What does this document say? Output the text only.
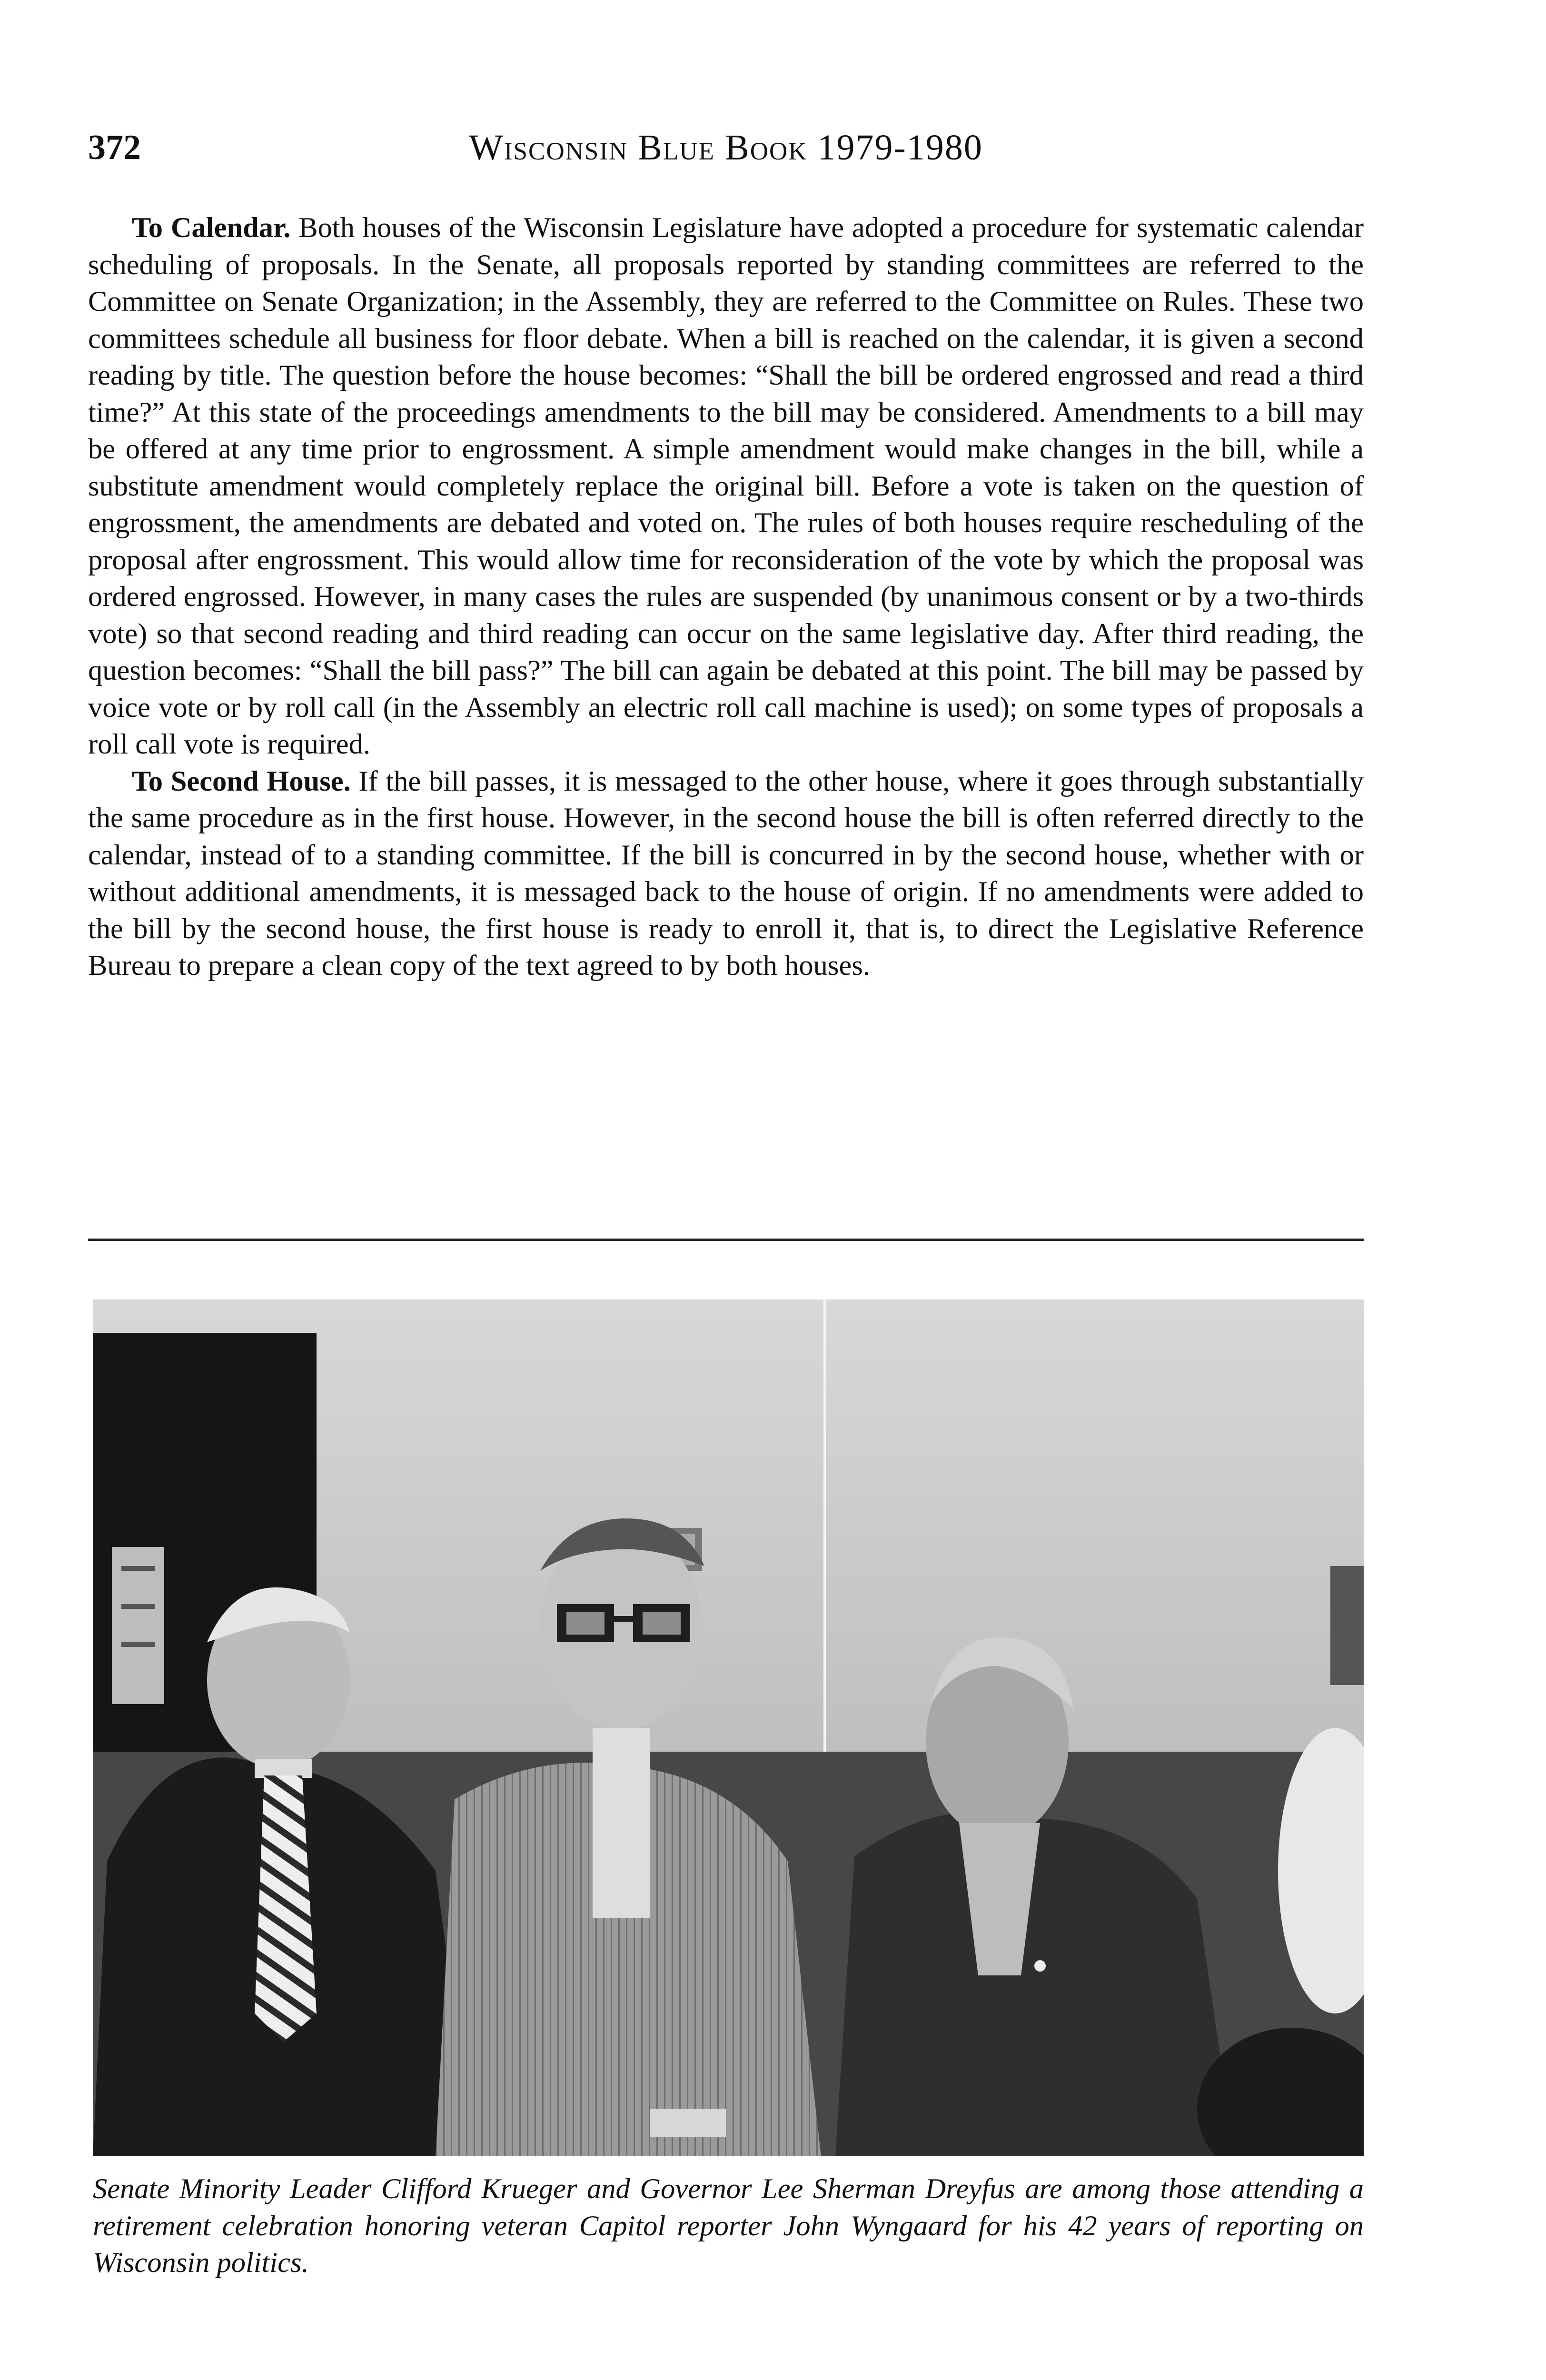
372	Wisconsin Blue Book 1979-1980

To Calendar. Both houses of the Wisconsin Legislature have adopted a procedure for systematic calendar scheduling of proposals. In the Senate, all proposals reported by standing committees are referred to the Committee on Senate Organization; in the Assembly, they are referred to the Committee on Rules. These two committees schedule all business for floor debate. When a bill is reached on the calendar, it is given a second reading by title. The question before the house becomes: “Shall the bill be ordered engrossed and read a third time?” At this state of the proceedings amendments to the bill may be considered. Amendments to a bill may be offered at any time prior to engrossment. A simple amendment would make changes in the bill, while a substitute amendment would completely replace the original bill. Before a vote is taken on the question of engrossment, the amendments are debated and voted on. The rules of both houses require rescheduling of the proposal after engrossment. This would allow time for reconsideration of the vote by which the proposal was ordered engrossed. However, in many cases the rules are suspended (by unanimous consent or by a two-thirds vote) so that second reading and third reading can occur on the same legislative day. After third reading, the question becomes: “Shall the bill pass?” The bill can again be debated at this point. The bill may be passed by voice vote or by roll call (in the Assembly an electric roll call machine is used); on some types of proposals a roll call vote is required.

To Second House. If the bill passes, it is messaged to the other house, where it goes through substantially the same procedure as in the first house. However, in the second house the bill is often referred directly to the calendar, instead of to a standing committee. If the bill is concurred in by the second house, whether with or without additional amendments, it is messaged back to the house of origin. If no amendments were added to the bill by the second house, the first house is ready to enroll it, that is, to direct the Legislative Reference Bureau to prepare a clean copy of the text agreed to by both houses.

Senate Minority Leader Clifford Krueger and Governor Lee Sherman Dreyfus are among those attending a retirement celebration honoring veteran Capitol reporter John Wyngaard for his 42 years of reporting on Wisconsin politics.
